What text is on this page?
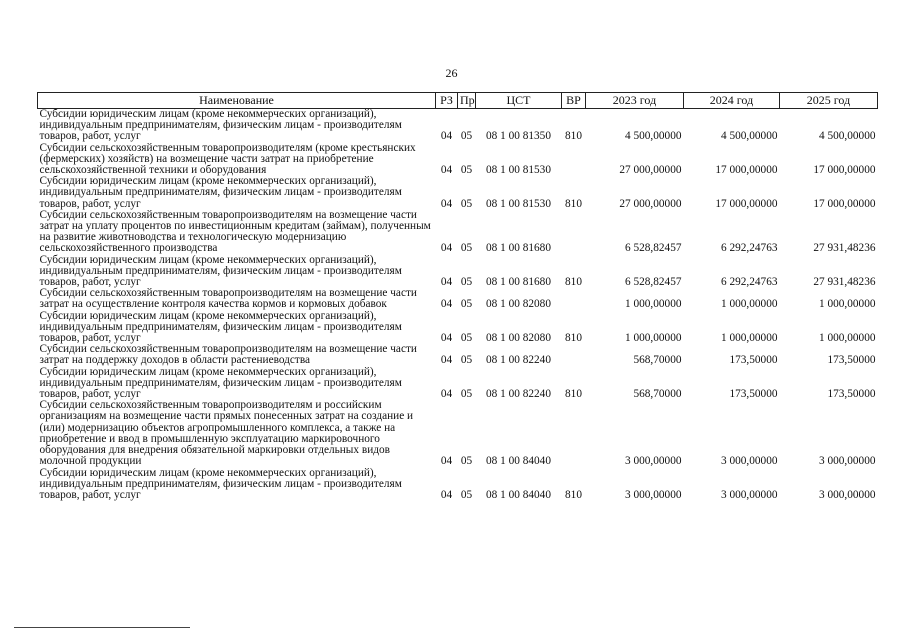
26
Наименование	РЗ	Пр	ЦСТ	ВР	2023 год	2024 год	2025 год
Субсидии юридическим лицам (кроме некоммерческих организаций), индивидуальным предпринимателям, физическим лицам - производителям товаров, работ, услуг	04	05	08 1 00 81350	810	4 500,00000	4 500,00000	4 500,00000
Субсидии сельскохозяйственным товаропроизводителям (кроме крестьянских (фермерских) хозяйств) на возмещение части затрат на приобретение сельскохозяйственной техники и оборудования	04	05	08 1 00 81530		27 000,00000	17 000,00000	17 000,00000
Субсидии юридическим лицам (кроме некоммерческих организаций), индивидуальным предпринимателям, физическим лицам - производителям товаров, работ, услуг	04	05	08 1 00 81530	810	27 000,00000	17 000,00000	17 000,00000
Субсидии сельскохозяйственным товаропроизводителям на возмещение части затрат на уплату процентов по инвестиционным кредитам (займам), полученным на развитие животноводства и технологическую модернизацию сельскохозяйственного производства	04	05	08 1 00 81680		6 528,82457	6 292,24763	27 931,48236
Субсидии юридическим лицам (кроме некоммерческих организаций), индивидуальным предпринимателям, физическим лицам - производителям товаров, работ, услуг	04	05	08 1 00 81680	810	6 528,82457	6 292,24763	27 931,48236
Субсидии сельскохозяйственным товаропроизводителям на возмещение части затрат на осуществление контроля качества кормов и кормовых добавок	04	05	08 1 00 82080		1 000,00000	1 000,00000	1 000,00000
Субсидии юридическим лицам (кроме некоммерческих организаций), индивидуальным предпринимателям, физическим лицам - производителям товаров, работ, услуг	04	05	08 1 00 82080	810	1 000,00000	1 000,00000	1 000,00000
Субсидии сельскохозяйственным товаропроизводителям на возмещение части затрат на поддержку доходов в области растениеводства	04	05	08 1 00 82240		568,70000	173,50000	173,50000
Субсидии юридическим лицам (кроме некоммерческих организаций), индивидуальным предпринимателям, физическим лицам - производителям товаров, работ, услуг	04	05	08 1 00 82240	810	568,70000	173,50000	173,50000
Субсидии сельскохозяйственным товаропроизводителям и российским организациям на возмещение части прямых понесенных затрат на создание и (или) модернизацию объектов агропромышленного комплекса, а также на приобретение и ввод в промышленную эксплуатацию маркировочного оборудования для внедрения обязательной маркировки отдельных видов молочной продукции	04	05	08 1 00 84040		3 000,00000	3 000,00000	3 000,00000
Субсидии юридическим лицам (кроме некоммерческих организаций), индивидуальным предпринимателям, физическим лицам - производителям товаров, работ, услуг	04	05	08 1 00 84040	810	3 000,00000	3 000,00000	3 000,00000
